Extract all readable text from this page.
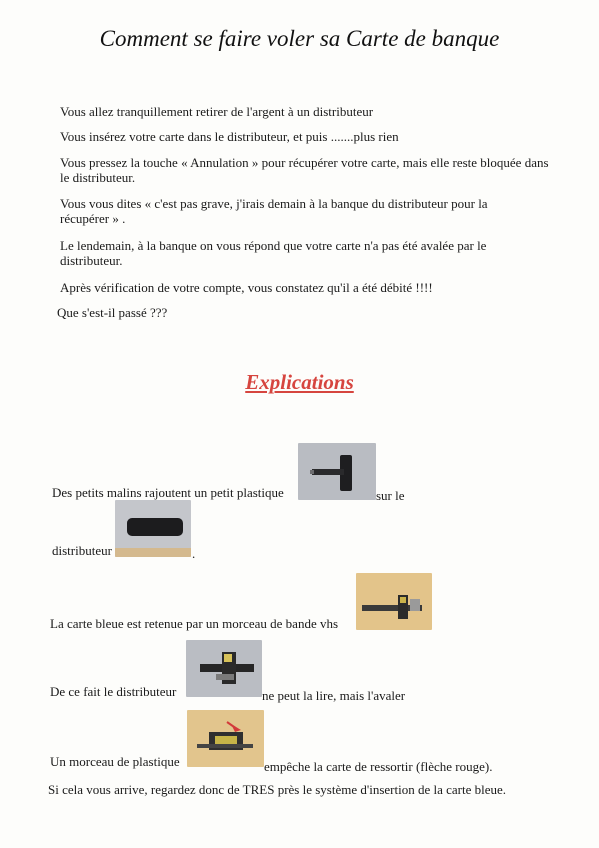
Comment se faire voler sa Carte de banque
Vous allez tranquillement retirer de l'argent à un distributeur
Vous insérez votre carte dans le distributeur, et puis .......plus rien
Vous pressez la touche « Annulation » pour récupérer votre carte, mais elle reste bloquée dans le distributeur.
Vous vous dites « c'est pas grave, j'irais demain à la banque du distributeur pour la récupérer » .
Le lendemain, à la banque on vous répond que votre carte n'a pas été avalée par le distributeur.
Après vérification de votre compte, vous constatez qu'il a été débité !!!!
Que s'est-il passé ???
Explications
Des petits malins rajoutent un petit plastique	sur le
distributeur	.
La carte bleue est retenue par un morceau de bande vhs
De ce fait le distributeur	ne peut la lire, mais l'avaler
Un morceau de plastique	empêche la carte de ressortir (flèche rouge).
Si cela vous arrive, regardez donc de TRES près le système d'insertion de la carte bleue.
